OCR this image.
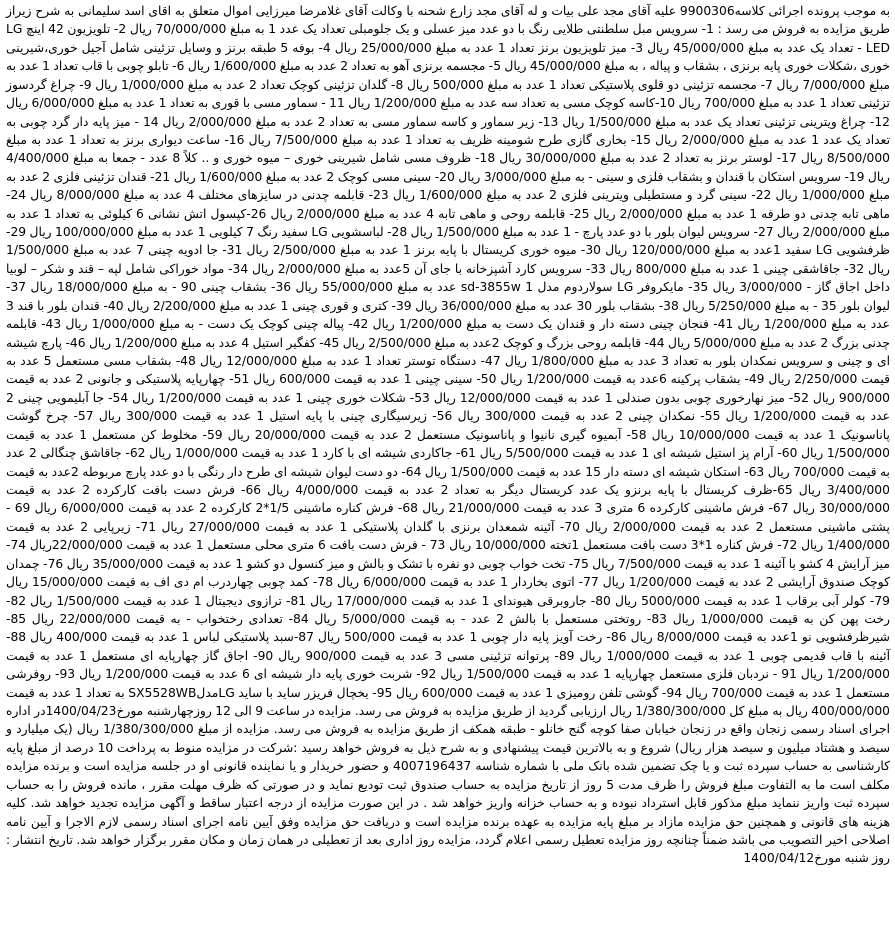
به موجب پرونده اجرائی کلاسه9900306 علیه آقای مجد علی بیات و له آقای مجد زارع شحنه با وکالت آقای غلامرضا میرزایی اموال متعلق به اقای اسد سلیمانی به شرح زیراز طریق مزایده به فروش می رسد : 1- سرویس مبل سلطنتی طلایی رنگ با دو عدد میز عسلی و یک جلومبلی تعداد یک عدد 1 به مبلغ 70/000/000 ریال 2- تلویزیون 42 اینچ LG LED - تعداد یک عدد به مبلغ 45/000/000 ریال 3- میز تلویزیون برنز تعداد 1 عدد به مبلغ 25/000/000 ریال 4- بوفه 5 طبقه برنز و وسایل تزئینی شامل آجیل خوری،شیرینی خوری ،شکلات خوری پایه برنزی ، بشقاب و پیاله ، به مبلغ 45/000/000 ریال 5- مجسمه برنزی آهو به تعداد 2 عدد به مبلغ 1/600/000 ریال 6- تابلو چوبی با قاب تعداد 1 عدد به مبلغ 7/000/000 ریال 7- مجسمه تزئینی دو قلوی پلاستیکی تعداد 1 عدد به مبلغ 500/000 ریال 8- گلدان تزئینی کوچک تعداد 2 عدد به مبلغ 1/000/000 ریال 9- چراغ گردسوز تزئینی تعداد 1 عدد به مبلغ 700/000 ریال 10-کاسه کوچک مسی به تعداد سه عدد به مبلغ 1/200/000 ریال 11 - سماور مسی با قوری به تعداد 1 عدد به مبلغ 6/000/000 ریال 12- چراغ ویترینی تزئینی تعداد یک عدد به مبلغ 1/500/000 ریال 13- زیر سماور و کاسه سماور مسی به تعداد 2 عدد به مبلغ 2/000/000 ریال 14 - میز پایه دار گرد چوبی به تعداد یک عدد 1 عدد به مبلغ 2/000/000 ریال 15- بخاری گازی طرح شومینه ظریف به تعداد 1 عدد به مبلغ 7/500/000 ریال 16- ساعت دیواری برنز به تعداد 1 عدد به مبلغ 8/500/000 ریال 17- لوستر برنز به تعداد 2 عدد به مبلغ 30/000/000 ریال 18- ظروف مسی شامل شیرینی خوری – میوه خوری و .. کلاً 8 عدد - جمعا به مبلغ 4/400/000 ریال 19- سرویس استکان با قندان و بشقاب فلزی و سینی - به مبلغ 3/000/000 ریال 20- سینی مسی کوچک 2 عدد به مبلغ 1/600/000 ریال 21- قندان تزئینی فلزی 2 عدد به مبلغ 1/000/000 ریال 22- سینی گرد و مستطیلی ویترینی فلزی 2 عدد به مبلغ 1/600/000 ریال 23- قابلمه چدنی در سایزهای مختلف 4 عدد به مبلغ 8/000/000 ریال 24- ماهی تابه چدنی دو طرفه 1 عدد به مبلغ 2/000/000 ریال 25- قابلمه روحی و ماهی تابه 4 عدد به مبلغ 2/000/000 ریال 26-کپسول اتش نشانی 6 کیلوئی به تعداد 1 عدد به مبلغ 2/000/000 ریال 27- سرویس لیوان بلور با دو عدد پارچ - 1 عدد به مبلغ 1/500/000 ریال 28- لباسشویی LG سفید رنگ 7 کیلویی 1 عدد به مبلغ 100/000/000 ریال 29- ظرفشویی LG سفید 1عدد به مبلغ 120/000/000 ریال 30- میوه خوری کریستال با پایه برنز 1 عدد به مبلغ 2/500/000 ریال 31- جا ادویه چینی 7 عدد به مبلغ 1/500/000 ریال 32- جاقاشقی چینی 1 عدد به مبلغ 800/000 ریال 33- سرویس کارد آشپزخانه با جای آن 5عدد به مبلغ 2/000/000 ریال 34- مواد خوراکی شامل لپه – قند و شکر – لوبیا داخل اجاق گاز - 3/000/000 ریال 35- مایکروفر LG سولاردوم مدل 1 sd-3855w عدد به مبلغ 55/000/000 ریال 36- بشقاب چینی 90 - به مبلغ 18/000/000 ریال 37- لیوان بلور 35 - به مبلغ 5/250/000 ریال 38- بشقاب بلور 30 عدد به مبلغ 36/000/000 ریال 39- کتری و قوری چینی 1 عدد به مبلغ 2/200/000 ریال 40- قندان بلور با قند 3 عدد به مبلغ 1/200/000 ریال 41- فنجان چینی دسته دار و قندان یک دست به مبلغ 1/200/000 ریال 42- پیاله چینی کوچک یک دست - به مبلغ 1/000/000 ریال 43- قابلمه چدنی بزرگ 2 عدد به مبلغ 5/000/000 ریال 44- قابلمه روحی بزرگ و کوچک 2عدد به مبلغ 2/500/000 ریال 45- کفگیر استیل 4 عدد به مبلغ 1/200/000 ریال 46- پارچ شیشه ای و چینی و سرویس نمکدان بلور به تعداد 3 عدد به مبلغ 1/800/000 ریال 47- دستگاه توستر تعداد 1 عدد به مبلغ 12/000/000 ریال 48- بشقاب مسی مستعمل 5 عدد به قیمت 2/250/000 ریال 49- بشقاب پرکینه 6عدد به قیمت 1/200/000 ریال 50- سینی چینی 1 عدد به قیمت 600/000 ریال 51- چهارپایه پلاستیکی و جانونی 2 عدد به قیمت 900/000 ریال 52- میز نهارخوری چوبی بدون صندلی 1 عدد به قیمت 12/000/000 ریال 53- شکلات خوری چینی 1 عدد به قیمت 1/200/000 ریال 54- جا آبلیمویی چینی 2 عدد به قیمت 1/200/000 ریال 55- نمکدان چینی 2 عدد به قیمت 300/000 ریال 56- زیرسیگاری چینی با پایه استیل 1 عدد به قیمت 300/000 ریال 57- چرخ گوشت پاناسونیک 1 عدد به قیمت 10/000/000 ریال 58- آبمیوه گیری نانیوا و پاناسونیک مستعمل 2 عدد به قیمت 20/000/000 ریال 59- مخلوط کن مستعمل 1 عدد به قیمت 1/500/000 ریال 60- آرام پز استیل شیشه ای 1 عدد به قیمت 5/500/000 ریال 61- جاکاردی شیشه ای با کارد 1 عدد به قیمت 1/000/000 ریال 62- جاقاشق چنگالی 2 عدد به قیمت 700/000 ریال 63- استکان شیشه ای دسته دار 15 عدد به قیمت 1/500/000 ریال 64- دو دست لیوان شیشه ای طرح دار رنگی با دو عدد پارچ مربوطه 2عدد به قیمت 3/400/000 ریال 65-ظرف کریستال با پایه برنزو یک عدد کریستال دیگر به تعداد 2 عدد به قیمت 4/000/000 ریال 66- فرش دست بافت کارکرده 2 عدد به قیمت 30/000/000 ریال 67- فرش ماشینی کارکرده 6 متری 3 عدد به قیمت 21/000/000 ریال 68- فرش کناره ماشینی 1/5*2 کارکرده 2 عدد به قیمت 6/000/000 ریال 69 - پشتی ماشینی مستعمل 2 عدد به قیمت 2/000/000 ریال 70- آئینه شمعدان برنزی با گلدان پلاستیکی 1 عدد به قیمت 27/000/000 ریال 71- زیرپایی 2 عدد به قیمت 1/400/000 ریال 72- فرش کناره 1*3 دست بافت مستعمل 1تخته 10/000/000 ریال 73 - فرش دست بافت 6 متری محلی مستعمل 1 عدد به قیمت 22/000/000ریال 74- میز آرایش 4 کشو با آئینه 1 عدد به قیمت 7/500/000 ریال 75- تخت خواب چوبی دو نفره با تشک و بالش و میز کنسول دو کشو 1 عدد به قیمت 35/000/000 ریال 76- چمدان کوچک صندوق آرایشی 2 عدد به قیمت 1/200/000 ریال 77- اتوی بخاردار 1 عدد به قیمت 6/000/000 ریال 78- کمد چوبی چهاردرب ام دی اف به قیمت 15/000/000 ریال 79- کولر آبی برقاب 1 عدد به قیمت 5000/000 ریال 80- جاروبرقی هیوندای 1 عدد به قیمت 17/000/000 ریال 81- ترازوی دیجیتال 1 عدد به قیمت 1/500/000 ریال 82- رخت پهن کن به قیمت 1/000/000 ریال 83- روتختی مستعمل با بالش 2 عدد - به قیمت 5/000/000 ریال 84- تعدادی رختخواب - به قیمت 22/000/000 ریال 85- شیرظرفشویی نو 1عدد به قیمت 8/000/000 ریال 86- رخت آویز پایه دار چوبی 1 عدد به قیمت 500/000 ریال 87-سبد پلاستیکی لباس 1 عدد به قیمت 400/000 ریال 88- آئینه با قاب قدیمی چوبی 1 عدد به قیمت 1/000/000 ریال 89- پرتوانه تزئینی مسی 3 عدد به قیمت 900/000 ریال 90- اجاق گاز چهارپایه ای مستعمل 1 عدد به قیمت 1/200/000 ریال 91 - نردبان فلزی مستعمل چهارپایه 1 عدد به قیمت 1/500/000 ریال 92- شربت خوری پایه دار شیشه ای 6 عدد به قیمت 1/200/000 ریال 93- روفرشی مستعمل 1 عدد به قیمت 700/000 ریال 94- گوشی تلفن رومیزی 1 عدد به قیمت 600/000 ریال 95- یخچال فریزر ساید با ساید LGمدلSX5528WB به تعداد 1 عدد به قیمت 400/000/000 ریال به مبلغ کل 1/380/300/000 ریال ارزیابی گردید از طریق مزایده به فروش می رسد. مزایده در ساعت 9 الی 12 روزچهارشنبه مورخ1400/04/23در اداره اجرای اسناد رسمی زنجان واقع در زنجان خیابان صفا کوچه گنج خانلو - طبقه همکف از طریق مزایده به فروش می رسد. مزایده از مبلغ 1/380/300/000 ریال (یک میلیارد و سیصد و هشتاد میلیون و سیصد هزار ریال) شروع و به بالاترین قیمت پیشنهادی و به شرح ذیل به فروش خواهد رسید :شرکت در مزایده منوط به پرداخت 10 درصد از مبلغ پایه کارشناسی به حساب سپرده ثبت و یا چک تضمین شده بانک ملی با شماره شناسه 4007196437 و حضور خریدار و یا نماینده قانونی او در جلسه مزایده است و برنده مزایده مکلف است ما به التفاوت مبلغ فروش را ظرف مدت 5 روز از تاریخ مزایده به حساب صندوق ثبت تودیع نماید و در صورتی که ظرف مهلت مقرر ، مانده فروش را به حساب سپرده ثبت واریز ننماید مبلغ مذکور قابل استرداد نبوده و به حساب خزانه واریز خواهد شد . در این صورت مزایده از درجه اعتبار ساقط و آگهی مزایده تجدید خواهد شد. کلیه هزینه های قانونی و همچنین حق مزایده مازاد بر مبلغ پایه مزایده به عهده برنده مزایده است و دریافت حق مزایده وفق آیین نامه اجرای اسناد رسمی لازم الاجرا و آیین نامه اصلاحی اخیر التصویب می باشد ضمناً چنانچه روز مزایده تعطیل رسمی اعلام گردد، مزایده روز اداری بعد از تعطیلی در همان زمان و مکان مقرر برگزار خواهد شد. تاریخ انتشار : روز شنبه مورخ1400/04/12
